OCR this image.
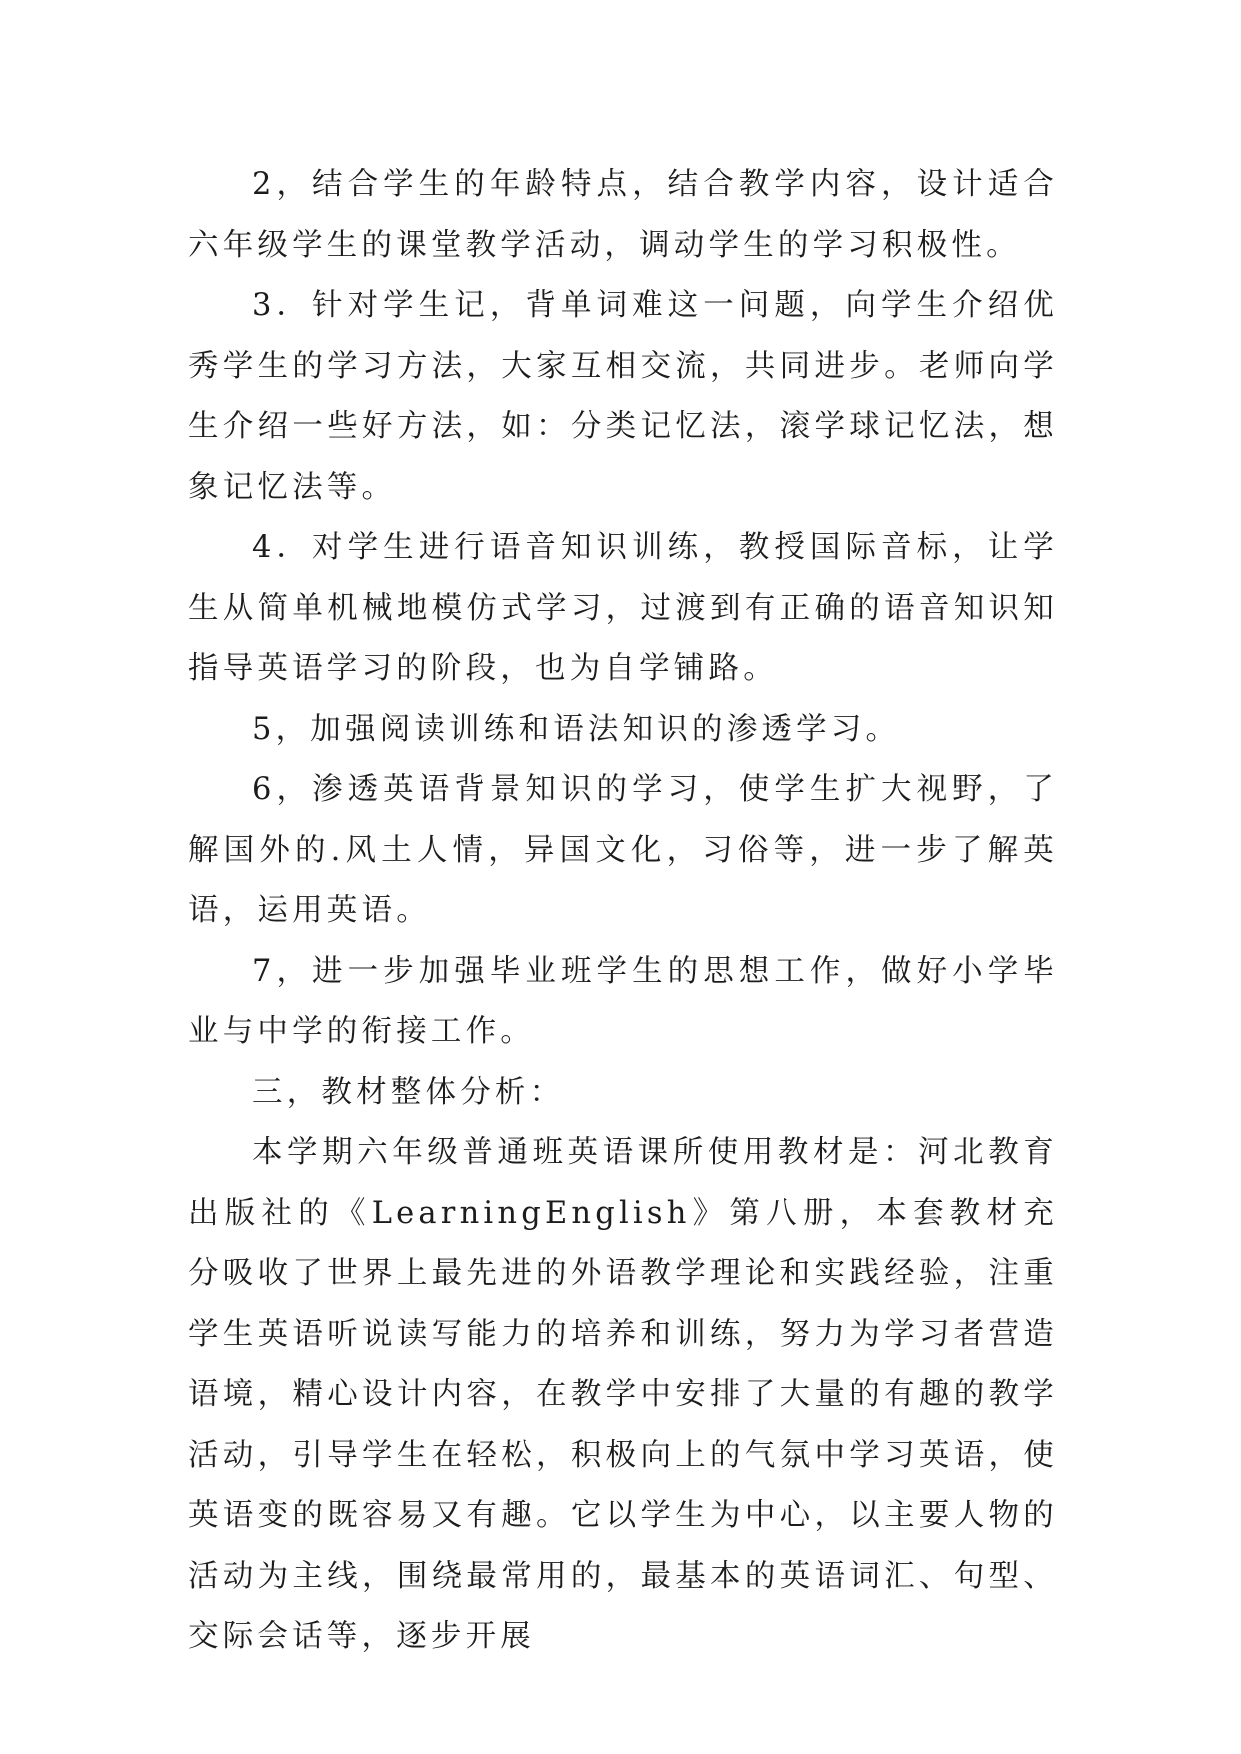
2，结合学生的年龄特点，结合教学内容，设计适合六年级学生的课堂教学活动，调动学生的学习积极性。

3．针对学生记，背单词难这一问题，向学生介绍优秀学生的学习方法，大家互相交流，共同进步。老师向学生介绍一些好方法，如：分类记忆法，滚学球记忆法，想象记忆法等。

4．对学生进行语音知识训练，教授国际音标，让学生从简单机械地模仿式学习，过渡到有正确的语音知识知指导英语学习的阶段，也为自学铺路。

5，加强阅读训练和语法知识的渗透学习。

6，渗透英语背景知识的学习，使学生扩大视野，了解国外的.风土人情，异国文化，习俗等，进一步了解英语，运用英语。

7，进一步加强毕业班学生的思想工作，做好小学毕业与中学的衔接工作。

三，教材整体分析：

本学期六年级普通班英语课所使用教材是：河北教育出版社的《LearningEnglish》第八册，本套教材充分吸收了世界上最先进的外语教学理论和实践经验，注重学生英语听说读写能力的培养和训练，努力为学习者营造语境，精心设计内容，在教学中安排了大量的有趣的教学活动，引导学生在轻松，积极向上的气氛中学习英语，使英语变的既容易又有趣。它以学生为中心，以主要人物的活动为主线，围绕最常用的，最基本的英语词汇、句型、交际会话等，逐步开展
